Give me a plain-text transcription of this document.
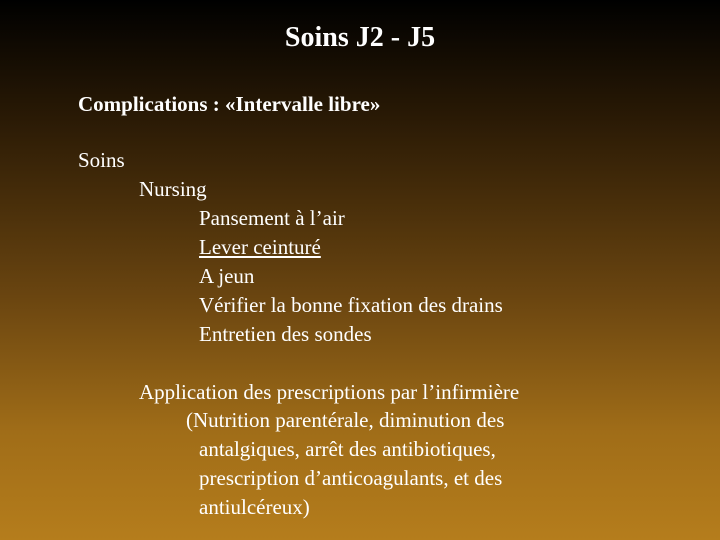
Soins J2 - J5

Complications : «Intervalle libre»

Soins

Nursing

Pansement à l’air

Lever ceinturé

A jeun

Vérifier la bonne fixation des drains

Entretien des sondes

Application des prescriptions par l’infirmière

(Nutrition parentérale, diminution des

antalgiques, arrêt des antibiotiques,

prescription d’anticoagulants, et des

antiulcéreux)
